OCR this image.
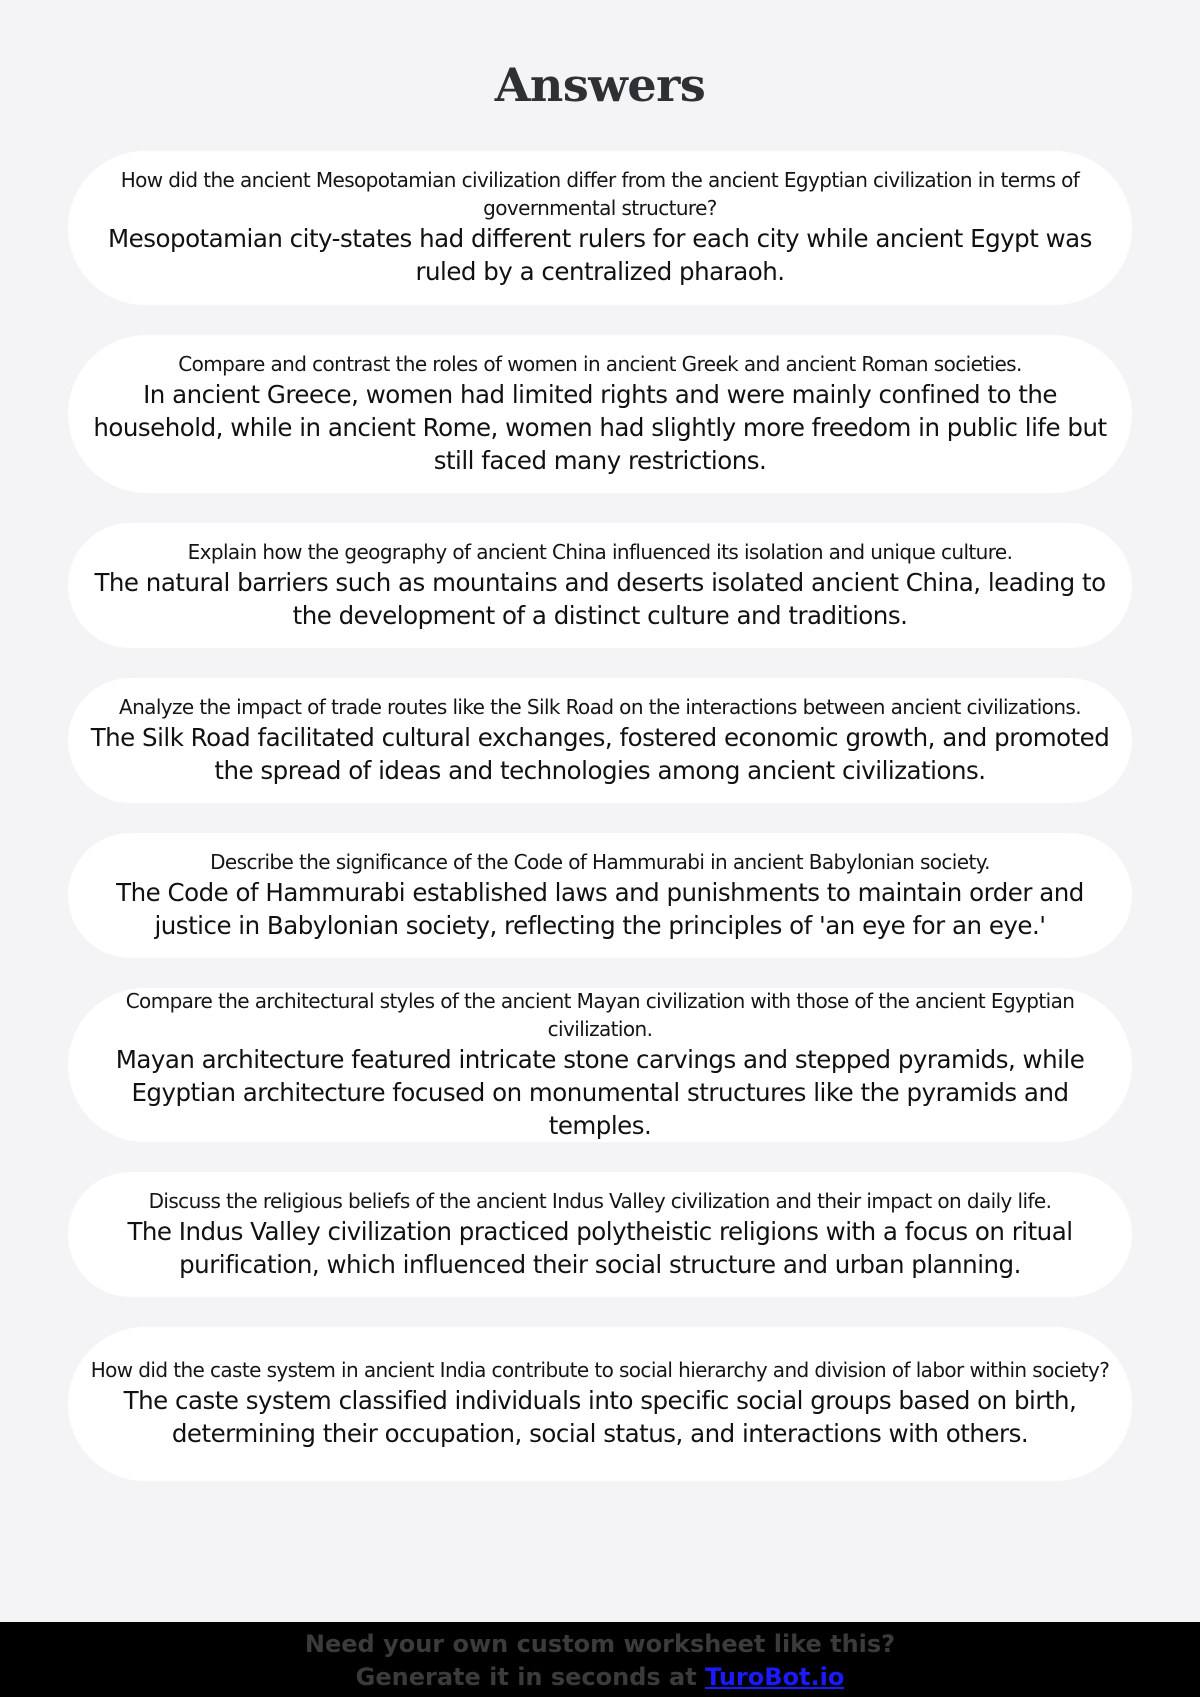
Answers
How did the ancient Mesopotamian civilization differ from the ancient Egyptian civilization in terms of governmental structure?
Mesopotamian city-states had different rulers for each city while ancient Egypt was ruled by a centralized pharaoh.
Compare and contrast the roles of women in ancient Greek and ancient Roman societies.
In ancient Greece, women had limited rights and were mainly confined to the household, while in ancient Rome, women had slightly more freedom in public life but still faced many restrictions.
Explain how the geography of ancient China influenced its isolation and unique culture.
The natural barriers such as mountains and deserts isolated ancient China, leading to the development of a distinct culture and traditions.
Analyze the impact of trade routes like the Silk Road on the interactions between ancient civilizations.
The Silk Road facilitated cultural exchanges, fostered economic growth, and promoted the spread of ideas and technologies among ancient civilizations.
Describe the significance of the Code of Hammurabi in ancient Babylonian society.
The Code of Hammurabi established laws and punishments to maintain order and justice in Babylonian society, reflecting the principles of 'an eye for an eye.'
Compare the architectural styles of the ancient Mayan civilization with those of the ancient Egyptian civilization.
Mayan architecture featured intricate stone carvings and stepped pyramids, while Egyptian architecture focused on monumental structures like the pyramids and temples.
Discuss the religious beliefs of the ancient Indus Valley civilization and their impact on daily life.
The Indus Valley civilization practiced polytheistic religions with a focus on ritual purification, which influenced their social structure and urban planning.
How did the caste system in ancient India contribute to social hierarchy and division of labor within society?
The caste system classified individuals into specific social groups based on birth, determining their occupation, social status, and interactions with others.
Need your own custom worksheet like this?
Generate it in seconds at TuroBot.io
